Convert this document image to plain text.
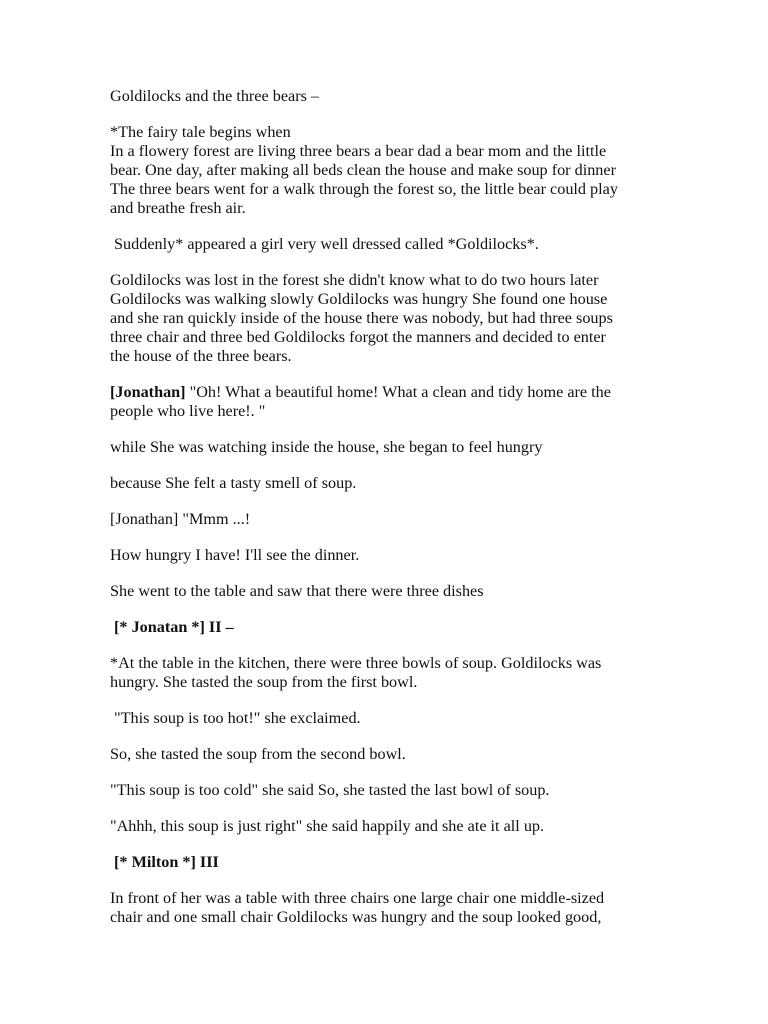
Goldilocks and the three bears –

*The fairy tale begins when
In a flowery forest are living three bears a bear dad a bear mom and the little
bear. One day, after making all beds clean the house and make soup for dinner
The three bears went for a walk through the forest so, the little bear could play
and breathe fresh air.

Suddenly* appeared a girl very well dressed called *Goldilocks*.

Goldilocks was lost in the forest she didn't know what to do two hours later
Goldilocks was walking slowly Goldilocks was hungry She found one house
and she ran quickly inside of the house there was nobody, but had three soups
three chair and three bed Goldilocks forgot the manners and decided to enter
the house of the three bears.

[Jonathan] "Oh! What a beautiful home! What a clean and tidy home are the
people who live here!. "

while She was watching inside the house, she began to feel hungry

because She felt a tasty smell of soup.

[Jonathan] "Mmm ...!

How hungry I have! I'll see the dinner.

She went to the table and saw that there were three dishes

[* Jonatan *] II –

*At the table in the kitchen, there were three bowls of soup. Goldilocks was
hungry. She tasted the soup from the first bowl.

"This soup is too hot!" she exclaimed.

So, she tasted the soup from the second bowl.

"This soup is too cold" she said So, she tasted the last bowl of soup.

"Ahhh, this soup is just right" she said happily and she ate it all up.

[* Milton *] III

In front of her was a table with three chairs one large chair one middle-sized
chair and one small chair Goldilocks was hungry and the soup looked good,
